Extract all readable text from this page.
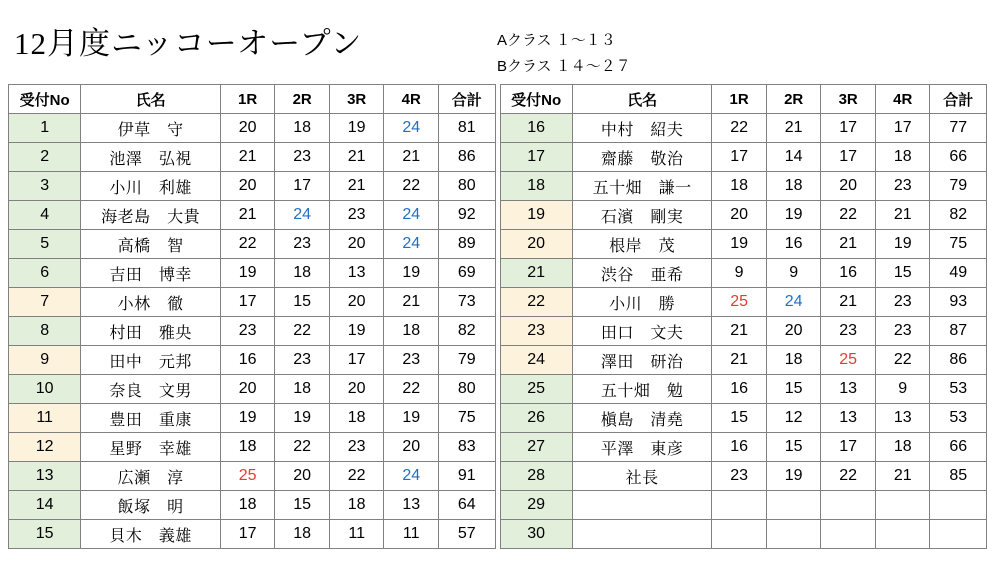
12月度ニッコーオープン	Aクラス １〜１３
Bクラス １４〜２７
受付No	氏名	1R	2R	3R	4R	合計
1	伊草　守	20	18	19	24	81
2	池澤　弘視	21	23	21	21	86
3	小川　利雄	20	17	21	22	80
4	海老島　大貴	21	24	23	24	92
5	高橋　智	22	23	20	24	89
6	吉田　博幸	19	18	13	19	69
7	小林　徹	17	15	20	21	73
8	村田　雅央	23	22	19	18	82
9	田中　元邦	16	23	17	23	79
10	奈良　文男	20	18	20	22	80
11	豊田　重康	19	19	18	19	75
12	星野　幸雄	18	22	23	20	83
13	広瀬　淳	25	20	22	24	91
14	飯塚　明	18	15	18	13	64
15	貝木　義雄	17	18	11	11	57
受付No	氏名	1R	2R	3R	4R	合計
16	中村　紹夫	22	21	17	17	77
17	齋藤　敬治	17	14	17	18	66
18	五十畑　謙一	18	18	20	23	79
19	石濱　剛実	20	19	22	21	82
20	根岸　茂	19	16	21	19	75
21	渋谷　亜希	9	9	16	15	49
22	小川　勝	25	24	21	23	93
23	田口　文夫	21	20	23	23	87
24	澤田　研治	21	18	25	22	86
25	五十畑　勉	16	15	13	9	53
26	槇島　清堯	15	12	13	13	53
27	平澤　東彦	16	15	17	18	66
28	社長	23	19	22	21	85
29						
30						
